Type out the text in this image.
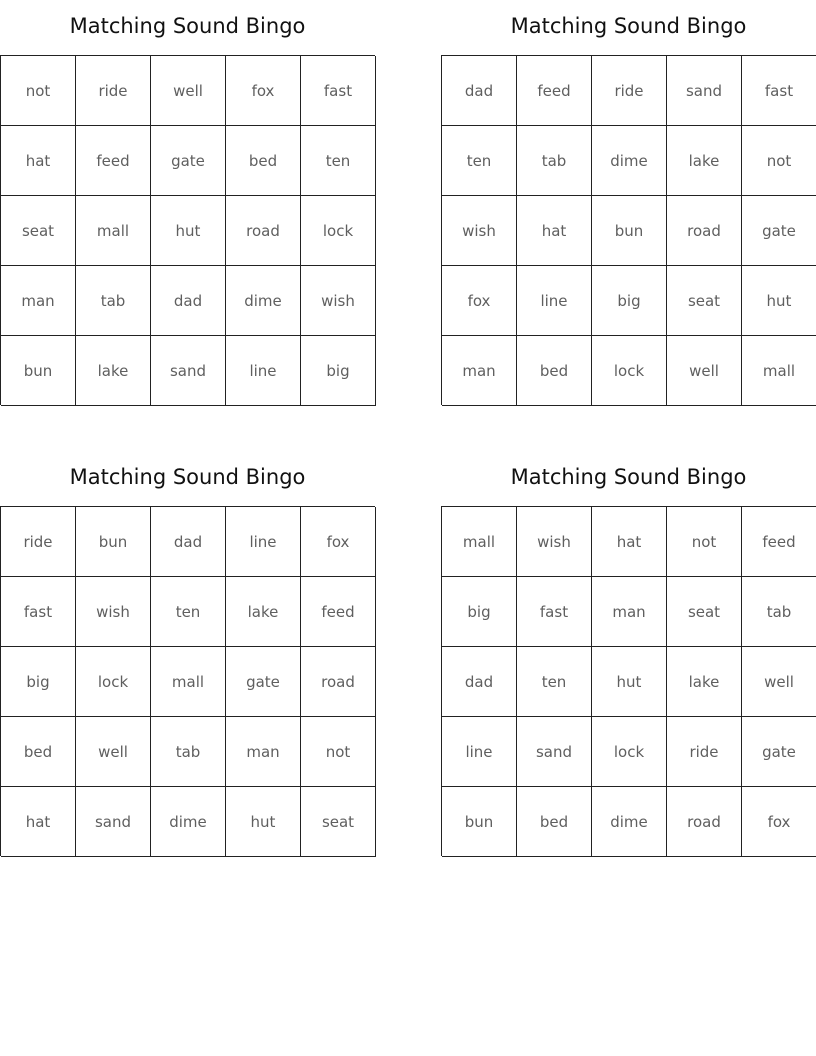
Matching Sound Bingo
not	ride	well	fox	fast
hat	feed	gate	bed	ten
seat	mall	hut	road	lock
man	tab	dad	dime	wish
bun	lake	sand	line	big
Matching Sound Bingo
dad	feed	ride	sand	fast
ten	tab	dime	lake	not
wish	hat	bun	road	gate
fox	line	big	seat	hut
man	bed	lock	well	mall
Matching Sound Bingo
ride	bun	dad	line	fox
fast	wish	ten	lake	feed
big	lock	mall	gate	road
bed	well	tab	man	not
hat	sand	dime	hut	seat
Matching Sound Bingo
mall	wish	hat	not	feed
big	fast	man	seat	tab
dad	ten	hut	lake	well
line	sand	lock	ride	gate
bun	bed	dime	road	fox
